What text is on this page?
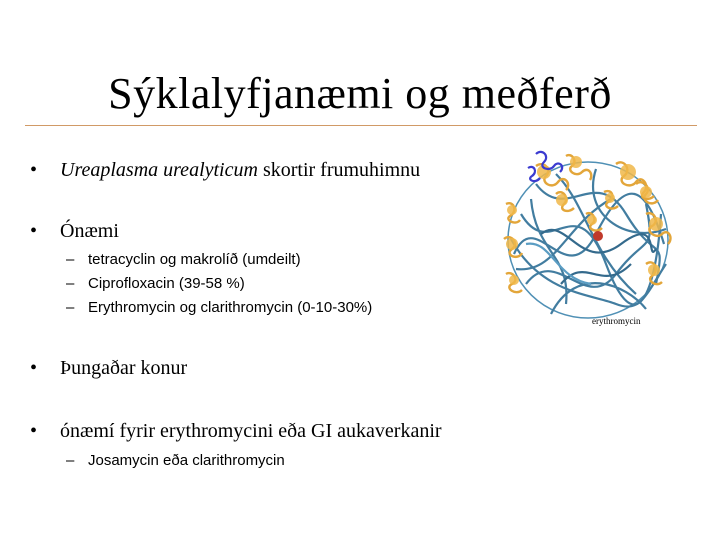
Sýklalyfjanæmi og meðferð
• Ureaplasma urealyticum skortir frumuhimnu
• Ónæmi
– tetracyclin og makrolíð (umdeilt)
– Ciprofloxacin (39-58 %)
– Erythromycin og clarithromycin (0-10-30%)
• Þungaðar konur
• ónæmí fyrir erythromycini eða GI aukaverkanir
– Josamycin eða clarithromycin
erythromycin
